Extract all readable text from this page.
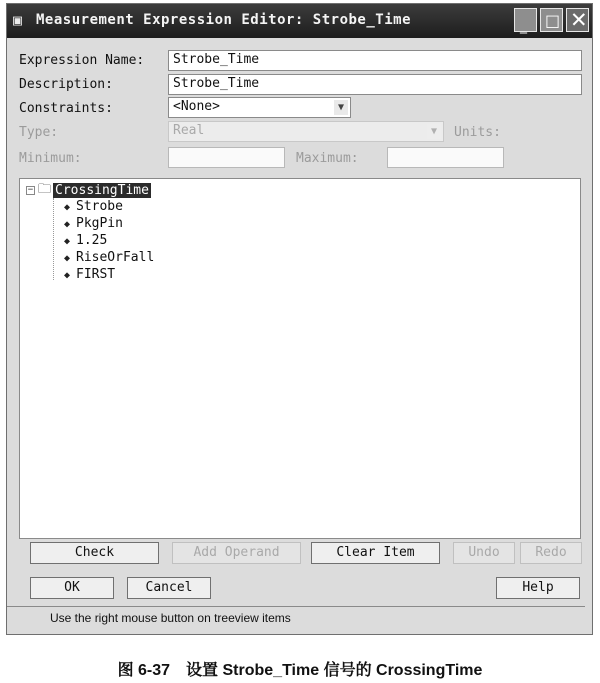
▣ Measurement Expression Editor: Strobe_Time	_ □ ✕
Expression Name:	Strobe_Time
Description:	Strobe_Time
Constraints:	<None>	▼
Type:	Real	▼	Units:
Minimum:	Maximum:
− 🗀 CrossingTime
◆ Strobe
◆ PkgPin
◆ 1.25
◆ RiseOrFall
◆ FIRST
Check	Add Operand	Clear Item	Undo	Redo
OK	Cancel	Help
Use the right mouse button on treeview items
图 6-37　设置 Strobe_Time 信号的 CrossingTime
